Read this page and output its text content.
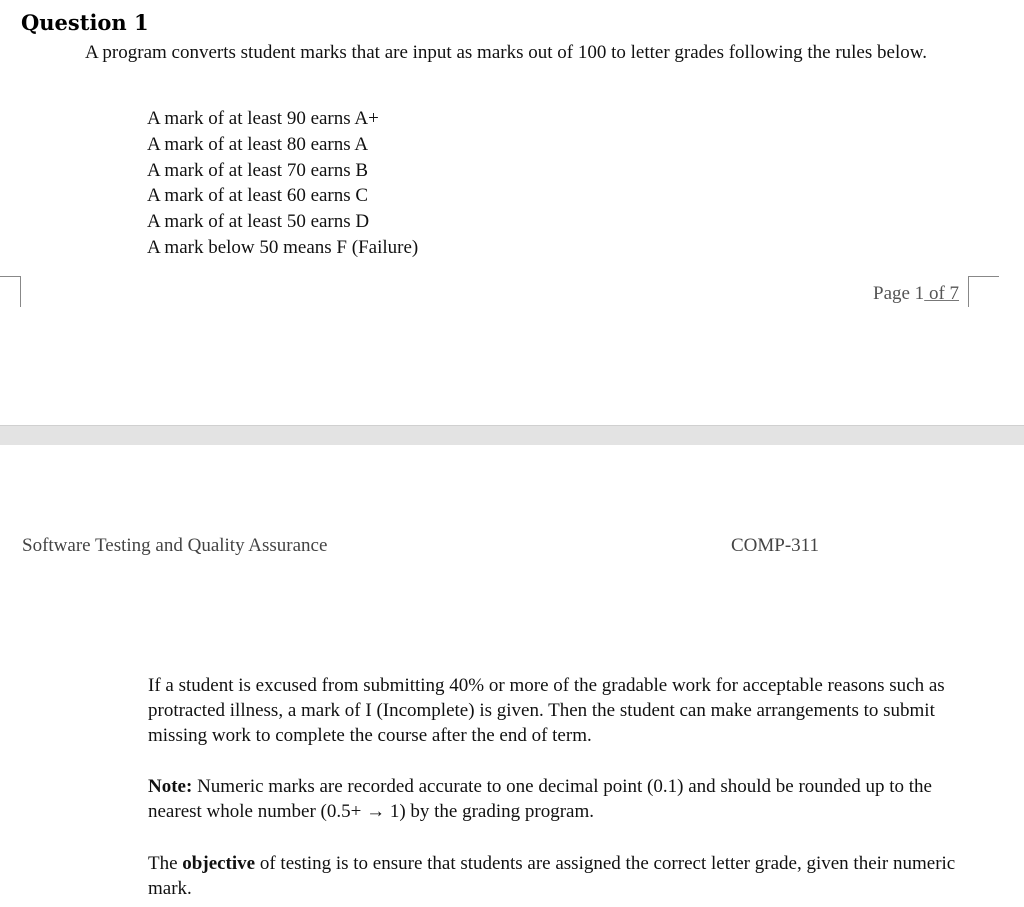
Question 1

A program converts student marks that are input as marks out of 100 to letter grades following the rules below.

A mark of at least 90 earns A+
A mark of at least 80 earns A
A mark of at least 70 earns B
A mark of at least 60 earns C
A mark of at least 50 earns D
A mark below 50 means F (Failure)
Page 1 of 7
Software Testing and Quality Assurance	COMP-311

If a student is excused from submitting 40% or more of the gradable work for acceptable reasons such as protracted illness, a mark of I (Incomplete) is given. Then the student can make arrangements to submit missing work to complete the course after the end of term.

Note: Numeric marks are recorded accurate to one decimal point (0.1) and should be rounded up to the nearest whole number (0.5+ → 1) by the grading program.

The objective of testing is to ensure that students are assigned the correct letter grade, given their numeric mark.
